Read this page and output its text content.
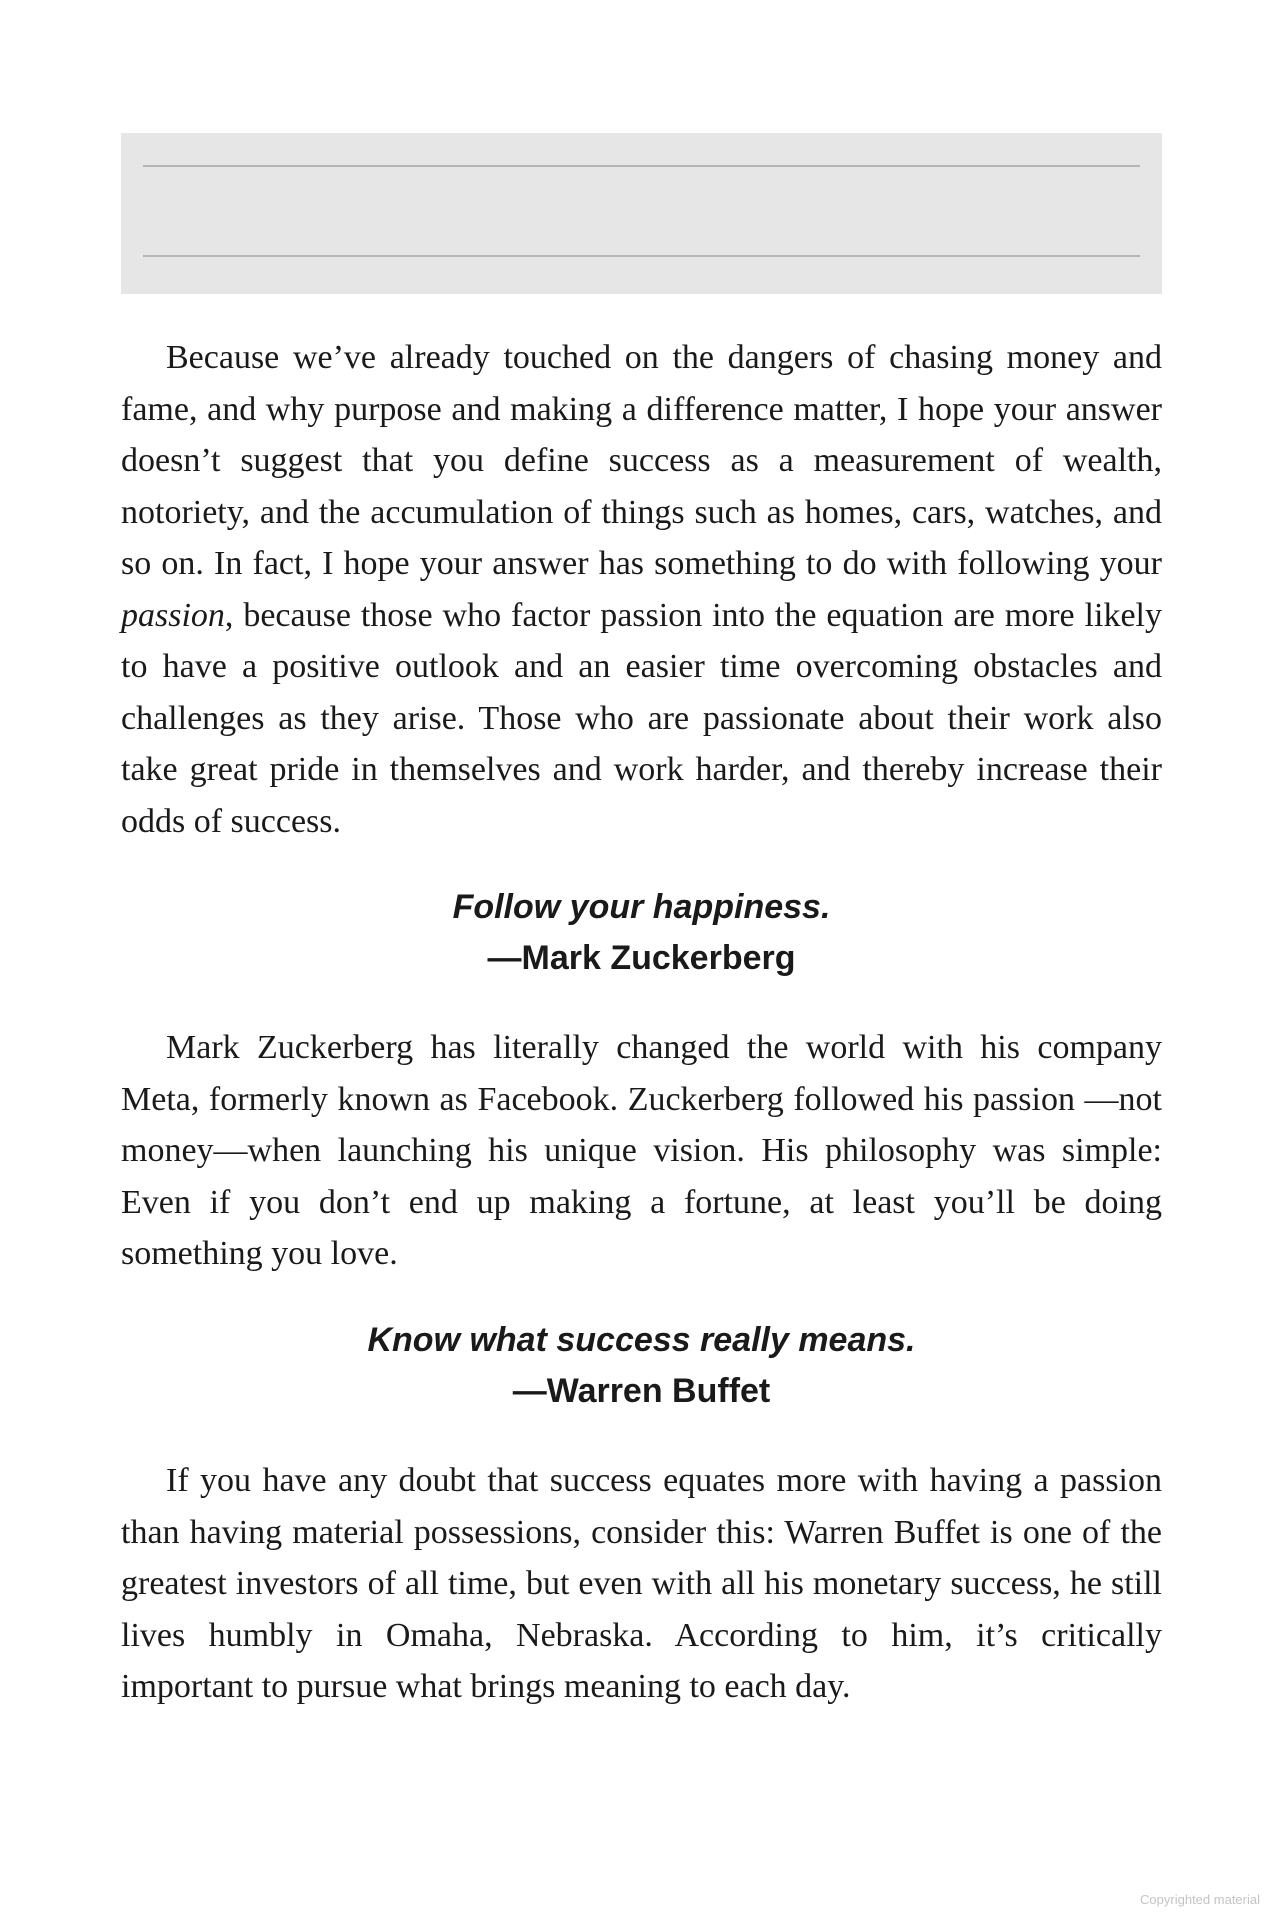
Because we’ve already touched on the dangers of chasing money and fame, and why purpose and making a difference matter, I hope your answer doesn’t suggest that you define success as a measurement of wealth, notoriety, and the accumulation of things such as homes, cars, watches, and so on. In fact, I hope your answer has something to do with following your passion, because those who factor passion into the equation are more likely to have a positive outlook and an easier time overcoming obstacles and challenges as they arise. Those who are passionate about their work also take great pride in themselves and work harder, and thereby increase their odds of success.

Follow your happiness.
—Mark Zuckerberg

Mark Zuckerberg has literally changed the world with his company Meta, formerly known as Facebook. Zuckerberg followed his passion —not money—when launching his unique vision. His philosophy was simple: Even if you don’t end up making a fortune, at least you’ll be doing something you love.

Know what success really means.
—Warren Buffet

If you have any doubt that success equates more with having a passion than having material possessions, consider this: Warren Buffet is one of the greatest investors of all time, but even with all his monetary success, he still lives humbly in Omaha, Nebraska. According to him, it’s critically important to pursue what brings meaning to each day.

Copyrighted material
